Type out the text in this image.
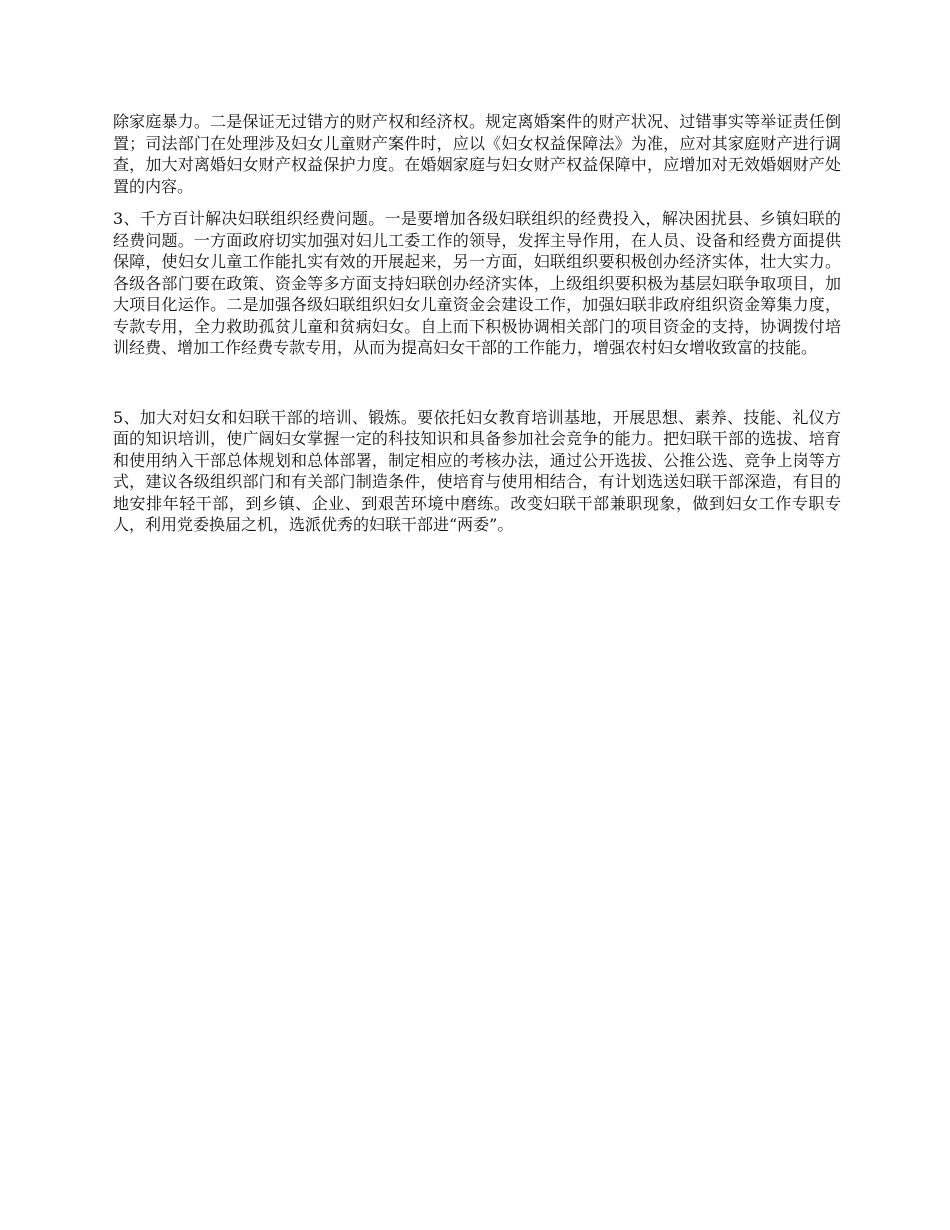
除家庭暴力。二是保证无过错方的财产权和经济权。规定离婚案件的财产状况、过错事实等举证责任倒置；司法部门在处理涉及妇女儿童财产案件时，应以《妇女权益保障法》为准，应对其家庭财产进行调查，加大对离婚妇女财产权益保护力度。在婚姻家庭与妇女财产权益保障中，应增加对无效婚姻财产处置的内容。

3、千方百计解决妇联组织经费问题。一是要增加各级妇联组织的经费投入，解决困扰县、乡镇妇联的经费问题。一方面政府切实加强对妇儿工委工作的领导，发挥主导作用，在人员、设备和经费方面提供保障，使妇女儿童工作能扎实有效的开展起来，另一方面，妇联组织要积极创办经济实体，壮大实力。各级各部门要在政策、资金等多方面支持妇联创办经济实体，上级组织要积极为基层妇联争取项目，加大项目化运作。二是加强各级妇联组织妇女儿童资金会建设工作，加强妇联非政府组织资金筹集力度，专款专用，全力救助孤贫儿童和贫病妇女。自上而下积极协调相关部门的项目资金的支持，协调拨付培训经费、增加工作经费专款专用，从而为提高妇女干部的工作能力，增强农村妇女增收致富的技能。

5、加大对妇女和妇联干部的培训、锻炼。要依托妇女教育培训基地，开展思想、素养、技能、礼仪方面的知识培训，使广阔妇女掌握一定的科技知识和具备参加社会竞争的能力。把妇联干部的选拔、培育和使用纳入干部总体规划和总体部署，制定相应的考核办法，通过公开选拔、公推公选、竞争上岗等方式，建议各级组织部门和有关部门制造条件，使培育与使用相结合，有计划选送妇联干部深造，有目的地安排年轻干部，到乡镇、企业、到艰苦环境中磨练。改变妇联干部兼职现象，做到妇女工作专职专人，利用党委换届之机，选派优秀的妇联干部进“两委”。
